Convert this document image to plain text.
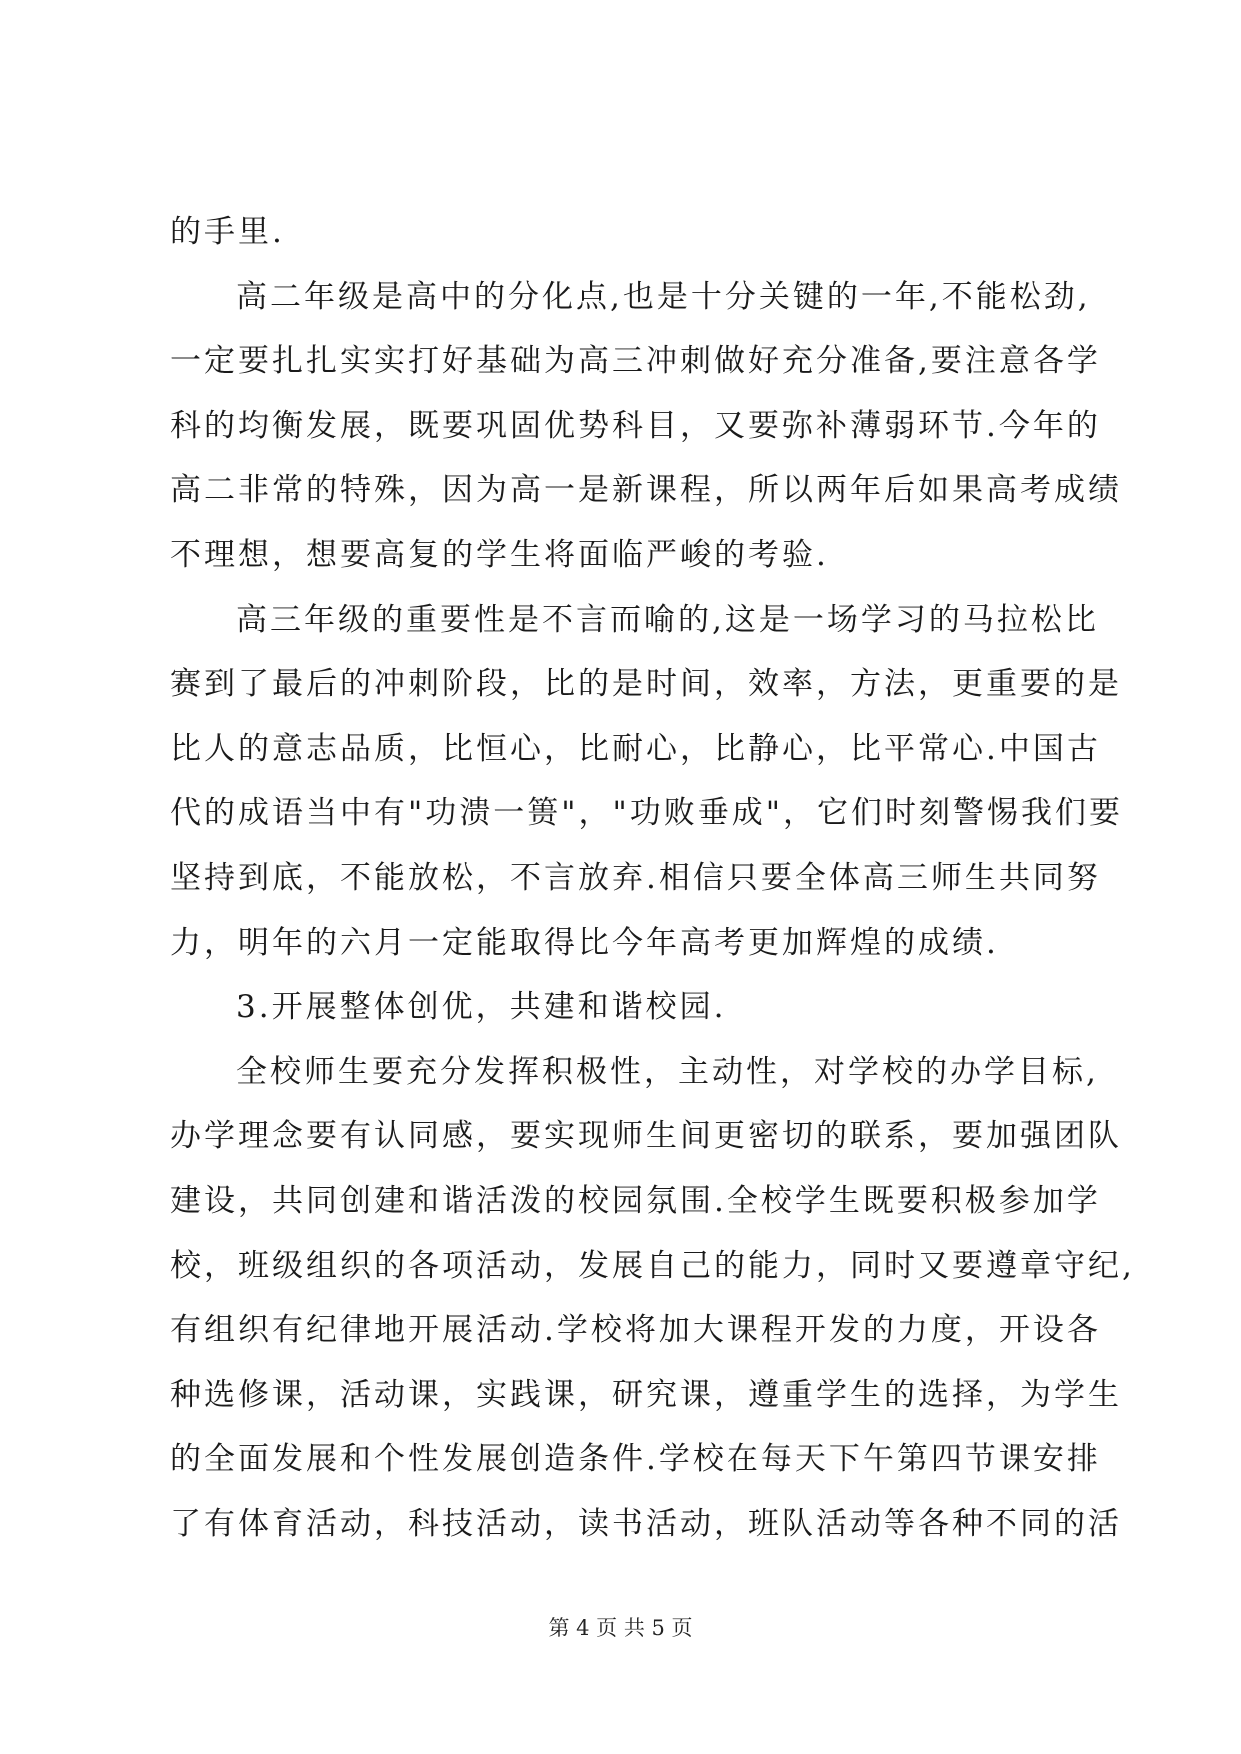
的手里.
高二年级是高中的分化点,也是十分关键的一年,不能松劲,
一定要扎扎实实打好基础为高三冲刺做好充分准备,要注意各学
科的均衡发展，既要巩固优势科目，又要弥补薄弱环节.今年的
高二非常的特殊，因为高一是新课程，所以两年后如果高考成绩
不理想，想要高复的学生将面临严峻的考验.
高三年级的重要性是不言而喻的,这是一场学习的马拉松比
赛到了最后的冲刺阶段，比的是时间，效率，方法，更重要的是
比人的意志品质，比恒心，比耐心，比静心，比平常心.中国古
代的成语当中有"功溃一篑"，"功败垂成"，它们时刻警惕我们要
坚持到底，不能放松，不言放弃.相信只要全体高三师生共同努
力，明年的六月一定能取得比今年高考更加辉煌的成绩.
3.开展整体创优，共建和谐校园.
全校师生要充分发挥积极性，主动性，对学校的办学目标,
办学理念要有认同感，要实现师生间更密切的联系，要加强团队
建设，共同创建和谐活泼的校园氛围.全校学生既要积极参加学
校，班级组织的各项活动，发展自己的能力，同时又要遵章守纪,
有组织有纪律地开展活动.学校将加大课程开发的力度，开设各
种选修课，活动课，实践课，研究课，遵重学生的选择，为学生
的全面发展和个性发展创造条件.学校在每天下午第四节课安排
了有体育活动，科技活动，读书活动，班队活动等各种不同的活
第 4 页 共 5 页
